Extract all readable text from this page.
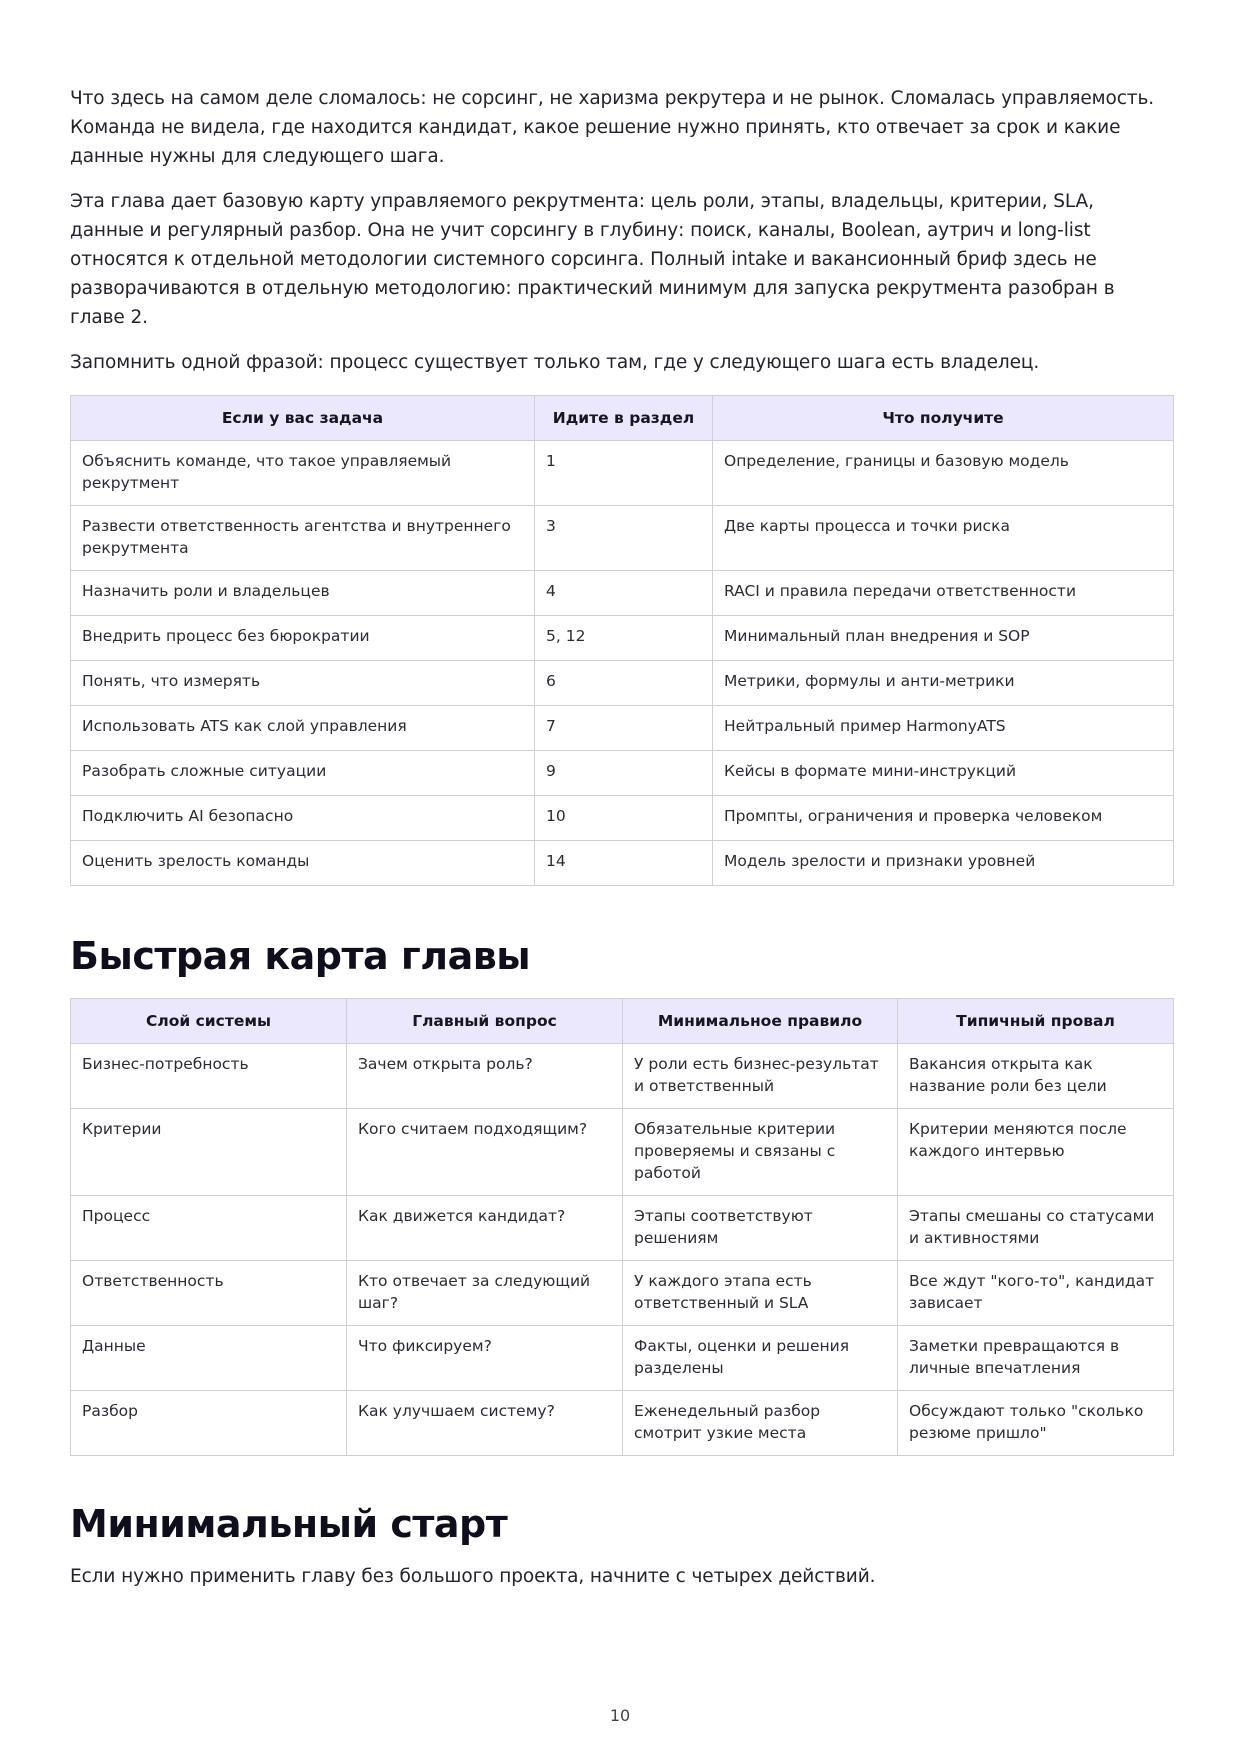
Что здесь на самом деле сломалось: не сорсинг, не харизма рекрутера и не рынок. Сломалась управляемость. Команда не видела, где находится кандидат, какое решение нужно принять, кто отвечает за срок и какие данные нужны для следующего шага.

Эта глава дает базовую карту управляемого рекрутмента: цель роли, этапы, владельцы, критерии, SLA, данные и регулярный разбор. Она не учит сорсингу в глубину: поиск, каналы, Boolean, аутрич и long-list относятся к отдельной методологии системного сорсинга. Полный intake и вакансионный бриф здесь не разворачиваются в отдельную методологию: практический минимум для запуска рекрутмента разобран в главе 2.

Запомнить одной фразой: процесс существует только там, где у следующего шага есть владелец.

Если у вас задача	Идите в раздел	Что получите
Объяснить команде, что такое управляемый рекрутмент	1	Определение, границы и базовую модель
Развести ответственность агентства и внутреннего рекрутмента	3	Две карты процесса и точки риска
Назначить роли и владельцев	4	RACI и правила передачи ответственности
Внедрить процесс без бюрократии	5, 12	Минимальный план внедрения и SOP
Понять, что измерять	6	Метрики, формулы и анти-метрики
Использовать ATS как слой управления	7	Нейтральный пример HarmonyATS
Разобрать сложные ситуации	9	Кейсы в формате мини-инструкций
Подключить AI безопасно	10	Промпты, ограничения и проверка человеком
Оценить зрелость команды	14	Модель зрелости и признаки уровней
Быстрая карта главы
Слой системы	Главный вопрос	Минимальное правило	Типичный провал
Бизнес-потребность	Зачем открыта роль?	У роли есть бизнес-результат и ответственный	Вакансия открыта как название роли без цели
Критерии	Кого считаем подходящим?	Обязательные критерии проверяемы и связаны с работой	Критерии меняются после каждого интервью
Процесс	Как движется кандидат?	Этапы соответствуют решениям	Этапы смешаны со статусами и активностями
Ответственность	Кто отвечает за следующий шаг?	У каждого этапа есть ответственный и SLA	Все ждут "кого-то", кандидат зависает
Данные	Что фиксируем?	Факты, оценки и решения разделены	Заметки превращаются в личные впечатления
Разбор	Как улучшаем систему?	Еженедельный разбор смотрит узкие места	Обсуждают только "сколько резюме пришло"
Минимальный старт

Если нужно применить главу без большого проекта, начните с четырех действий.

10
